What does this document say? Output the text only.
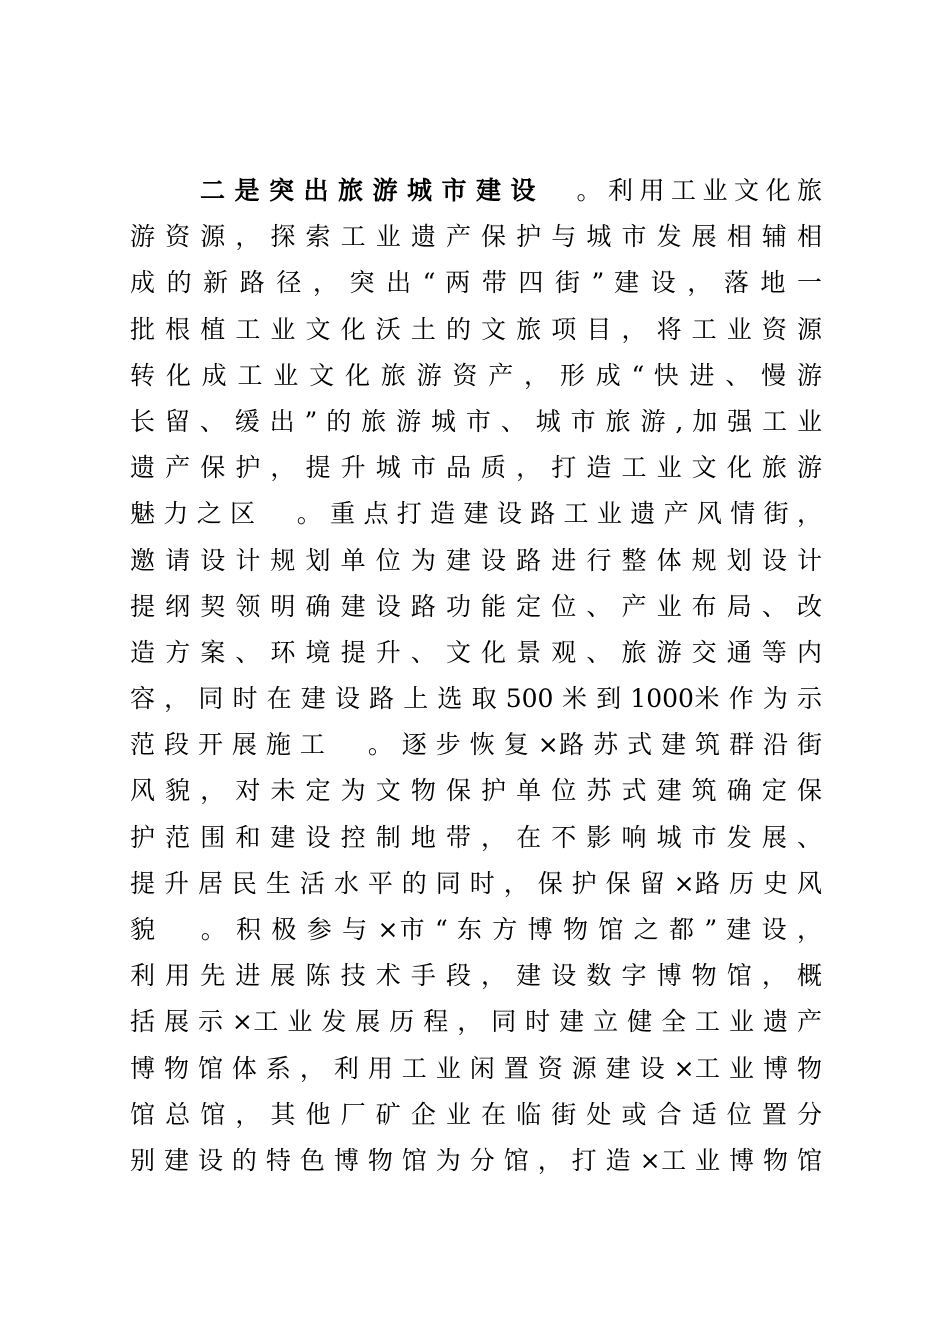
二是突出旅游城市建设　 。利用工业文化旅
游 资 源 ， 探 索 工 业 遗 产 保 护 与 城 市 发 展 相 辅 相
成 的 新 路 径 ， 突 出 “ 两 带 四 街 ” 建 设 ， 落 地 一
批 根 植 工 业 文 化 沃 土 的 文 旅 项 目 ， 将 工 业 资 源
转 化 成 工 业 文 化 旅 游 资 产 ， 形 成 “ 快 进 、 慢 游
长 留 、 缓 出 ” 的 旅 游 城 市 、 城 市 旅 游 , 加 强 工 业
遗 产 保 护 ， 提 升 城 市 品 质 ， 打 造 工 业 文 化 旅 游
魅 力 之 区 　 。 重 点 打 造 建 设 路 工 业 遗 产 风 情 街 ，
邀 请 设 计 规 划 单 位 为 建 设 路 进 行 整 体 规 划 设 计
提 纲 契 领 明 确 建 设 路 功 能 定 位 、 产 业 布 局 、 改
造 方 案 、 环 境 提 升 、 文 化 景 观 、 旅 游 交 通 等 内
容 ， 同 时 在 建 设 路 上 选 取 500 米 到 1000米 作 为 示
范 段 开 展 施 工 　 。 逐 步 恢 复 ×路 苏 式 建 筑 群 沿 街
风 貌 ， 对 未 定 为 文 物 保 护 单 位 苏 式 建 筑 确 定 保
护 范 围 和 建 设 控 制 地 带 ， 在 不 影 响 城 市 发 展 、
提 升 居 民 生 活 水 平 的 同 时 ， 保 护 保 留 ×路 历 史 风
貌 　 。 积 极 参 与 ×市 “ 东 方 博 物 馆 之 都 ” 建 设 ，
利 用 先 进 展 陈 技 术 手 段 ， 建 设 数 字 博 物 馆 ， 概
括 展 示 ×工 业 发 展 历 程 ， 同 时 建 立 健 全 工 业 遗 产
博 物 馆 体 系 ， 利 用 工 业 闲 置 资 源 建 设 ×工 业 博 物
馆 总 馆 ， 其 他 厂 矿 企 业 在 临 街 处 或 合 适 位 置 分
别 建 设 的 特 色 博 物 馆 为 分 馆 ， 打 造 ×工 业 博 物 馆
